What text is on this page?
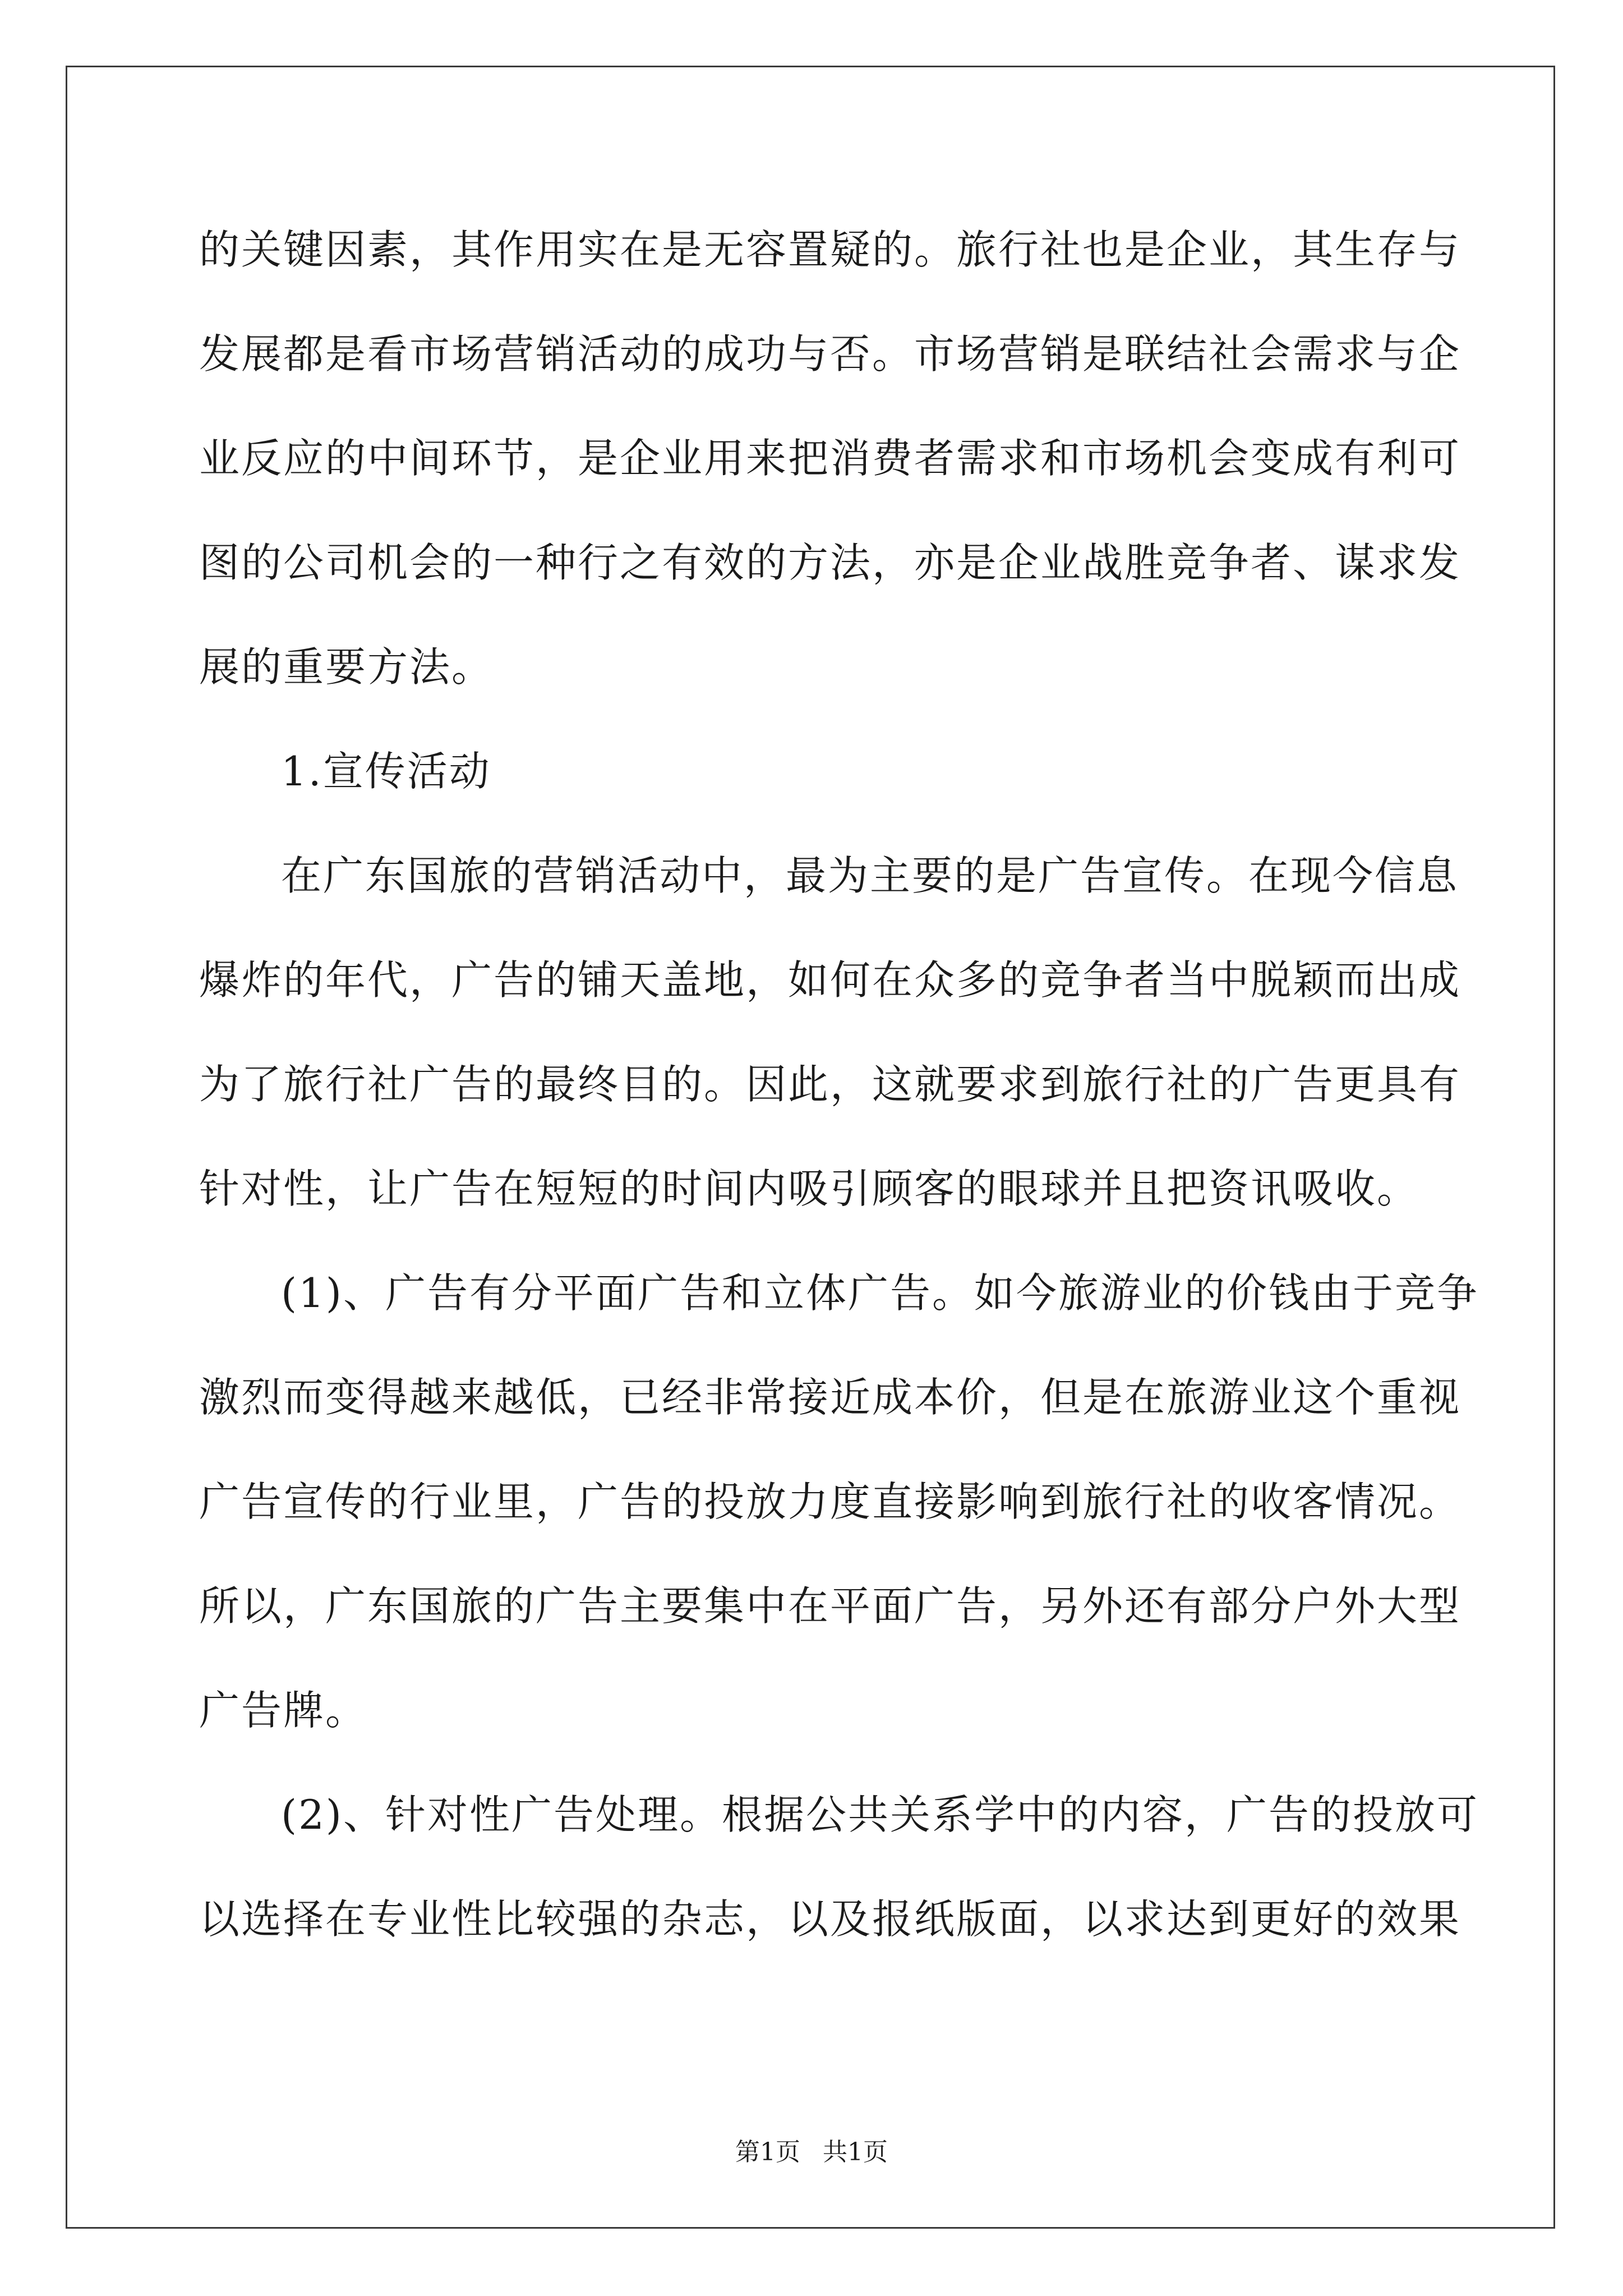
的关键因素，其作用实在是无容置疑的。旅行社也是企业，其生存与
发展都是看市场营销活动的成功与否。市场营销是联结社会需求与企
业反应的中间环节，是企业用来把消费者需求和市场机会变成有利可
图的公司机会的一种行之有效的方法，亦是企业战胜竞争者、谋求发
展的重要方法。
1.宣传活动
在广东国旅的营销活动中，最为主要的是广告宣传。在现今信息
爆炸的年代，广告的铺天盖地，如何在众多的竞争者当中脱颖而出成
为了旅行社广告的最终目的。因此，这就要求到旅行社的广告更具有
针对性，让广告在短短的时间内吸引顾客的眼球并且把资讯吸收。
(1)、广告有分平面广告和立体广告。如今旅游业的价钱由于竞争
激烈而变得越来越低，已经非常接近成本价，但是在旅游业这个重视
广告宣传的行业里，广告的投放力度直接影响到旅行社的收客情况。
所以，广东国旅的广告主要集中在平面广告，另外还有部分户外大型
广告牌。
(2)、针对性广告处理。根据公共关系学中的内容，广告的投放可
以选择在专业性比较强的杂志，以及报纸版面，以求达到更好的效果
第1页 共1页
